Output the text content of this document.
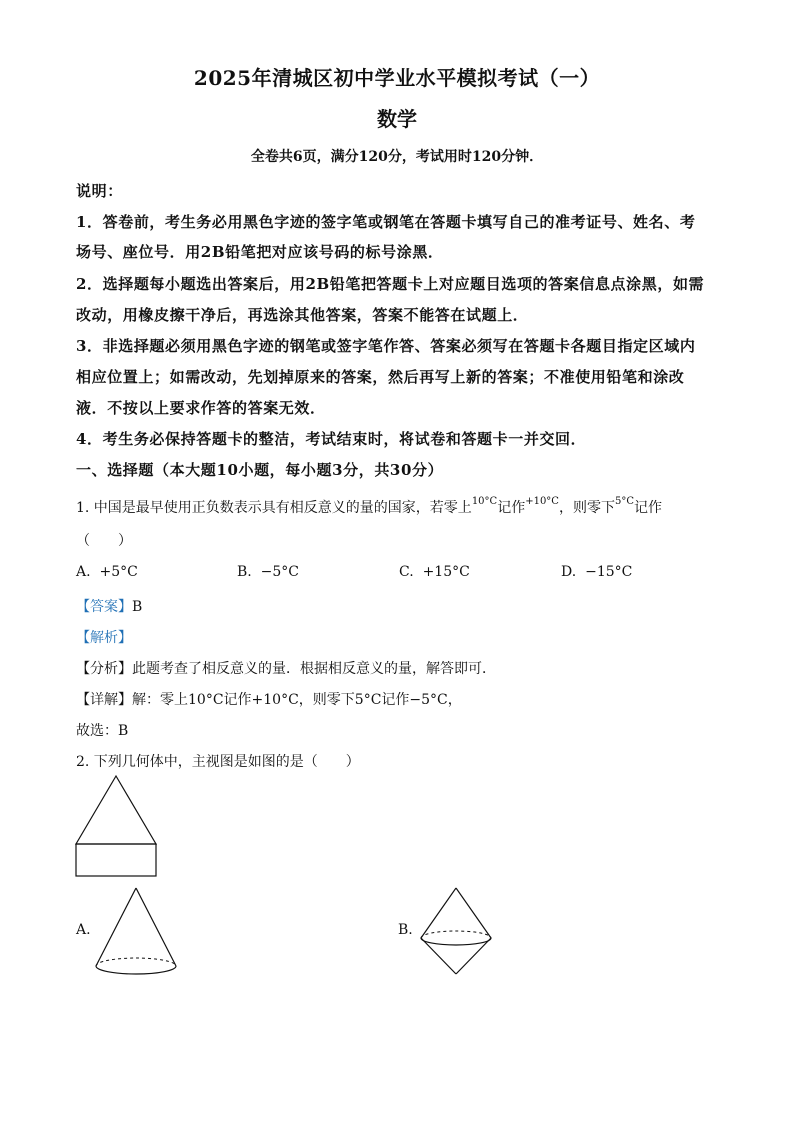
2025年清城区初中学业水平模拟考试（一）
数学
全卷共6页，满分120分，考试用时120分钟．
说明：
1．答卷前，考生务必用黑色字迹的签字笔或钢笔在答题卡填写自己的准考证号、姓名、考
场号、座位号．用2B铅笔把对应该号码的标号涂黑．
2．选择题每小题选出答案后，用2B铅笔把答题卡上对应题目选项的答案信息点涂黑，如需
改动，用橡皮擦干净后，再选涂其他答案，答案不能答在试题上．
3．非选择题必须用黑色字迹的钢笔或签字笔作答、答案必须写在答题卡各题目指定区域内
相应位置上；如需改动，先划掉原来的答案，然后再写上新的答案；不准使用铅笔和涂改
液．不按以上要求作答的答案无效．
4．考生务必保持答题卡的整洁，考试结束时，将试卷和答题卡一并交回．
一、选择题（本大题10小题，每小题3分，共30分）
1. 中国是最早使用正负数表示具有相反意义的量的国家，若零上$^{10^\circ C}$记作$^{+10^\circ C}$，则零下$^{5^\circ C}$记作
（　　）
A. +5°C	B. −5°C	C. +15°C	D. −15°C
【答案】B
【解析】
【分析】此题考查了相反意义的量．根据相反意义的量，解答即可．
【详解】解：零上10°C记作+10°C，则零下5°C记作−5°C，
故选：B
2. 下列几何体中，主视图是如图的是（　　）
A.	B.
